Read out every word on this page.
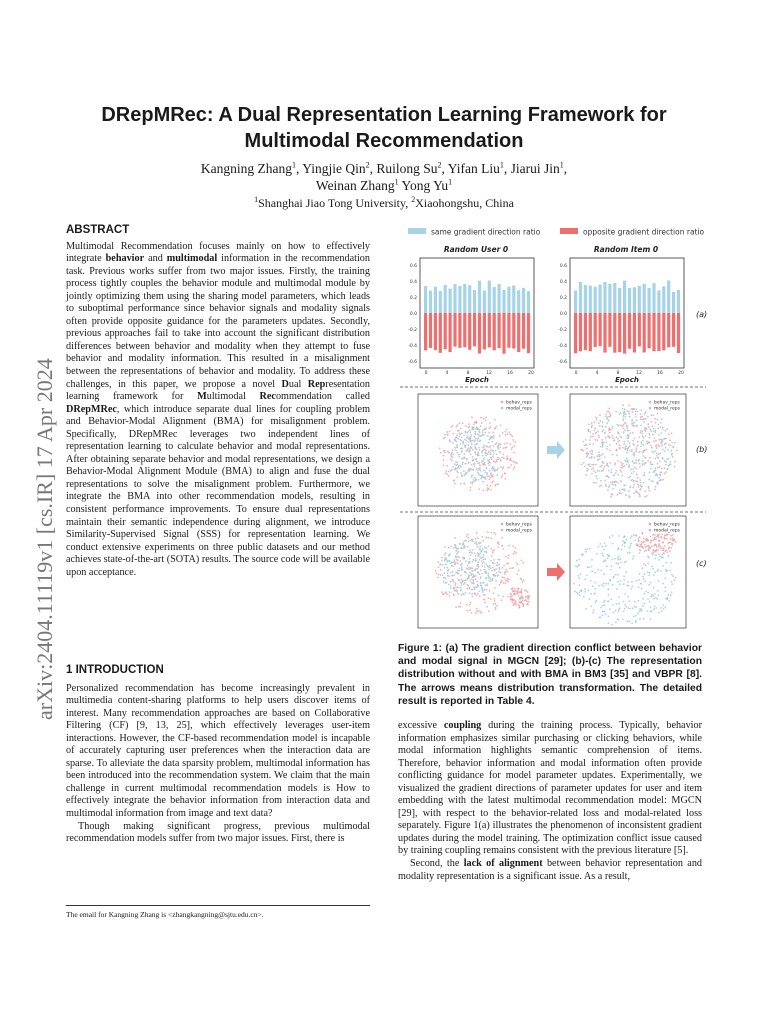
arXiv:2404.11119v1 [cs.IR] 17 Apr 2024
DRepMRec: A Dual Representation Learning Framework for
Multimodal Recommendation
Kangning Zhang$^1$, Yingjie Qin$^2$, Ruilong Su$^2$, Yifan Liu$^1$, Jiarui Jin$^1$,
Weinan Zhang$^1$ Yong Yu$^1$
$^1$Shanghai Jiao Tong University, $^2$Xiaohongshu, China
ABSTRACT

Multimodal Recommendation focuses mainly on how to effectively integrate behavior and multimodal information in the recommendation task. Previous works suffer from two major issues. Firstly, the training process tightly couples the behavior module and multimodal module by jointly optimizing them using the sharing model parameters, which leads to suboptimal performance since behavior signals and modality signals often provide opposite guidance for the parameters updates. Secondly, previous approaches fail to take into account the significant distribution differences between behavior and modality when they attempt to fuse behavior and modality information. This resulted in a misalignment between the representations of behavior and modality. To address these challenges, in this paper, we propose a novel Dual Representation learning framework for Multimodal Recommendation called DRepMRec, which introduce separate dual lines for coupling problem and Behavior-Modal Alignment (BMA) for misalignment problem. Specifically, DRepMRec leverages two independent lines of representation learning to calculate behavior and modal representations. After obtaining separate behavior and modal representations, we design a Behavior-Modal Alignment Module (BMA) to align and fuse the dual representations to solve the misalignment problem. Furthermore, we integrate the BMA into other recommendation models, resulting in consistent performance improvements. To ensure dual representations maintain their semantic independence during alignment, we introduce Similarity-Supervised Signal (SSS) for representation learning. We conduct extensive experiments on three public datasets and our method achieves state-of-the-art (SOTA) results. The source code will be available upon acceptance.

1 INTRODUCTION

Personalized recommendation has become increasingly prevalent in multimedia content-sharing platforms to help users discover items of interest. Many recommendation approaches are based on Collaborative Filtering (CF) [9, 13, 25], which effectively leverages user-item interactions. However, the CF-based recommendation model is incapable of accurately capturing user preferences when the interaction data are sparse. To alleviate the data sparsity problem, multimodal information has been introduced into the recommendation system. We claim that the main challenge in current multimodal recommendation models is How to effectively integrate the behavior information from interaction data and multimodal information from image and text data?

Though making significant progress, previous multimodal recommendation models suffer from two major issues. First, there is

The email for Kangning Zhang is <zhangkangning@sjtu.edu.cn>.
same gradient direction ratio	opposite gradient direction ratio
Random User 0	Random Item 0
0.6
0.4
0.2
0.0
-0.2
-0.4
-0.6
0	4	8	12	16	20
0.6
0.4
0.2
0.0
-0.2
-0.4
-0.6
0	4	8	12	16	20
Epoch	Epoch
(a)
behav_reps
modal_reps
behav_reps
modal_reps
behav_reps
modal_reps
behav_reps
modal_reps
(b)
(c)
Figure 1: (a) The gradient direction conflict between behavior and modal signal in MGCN [29]; (b)-(c) The representation distribution without and with BMA in BM3 [35] and VBPR [8]. The arrows means distribution transformation. The detailed result is reported in Table 4.

excessive coupling during the training process. Typically, behavior information emphasizes similar purchasing or clicking behaviors, while modal information highlights semantic comprehension of items. Therefore, behavior information and modal information often provide conflicting guidance for model parameter updates. Experimentally, we visualized the gradient directions of parameter updates for user and item embedding with the latest multimodal recommendation model: MGCN [29], with respect to the behavior-related loss and modal-related loss separately. Figure 1(a) illustrates the phenomenon of inconsistent gradient updates during the model training. The optimization conflict issue caused by training coupling remains consistent with the previous literature [5].

Second, the lack of alignment between behavior representation and modality representation is a significant issue. As a result,
